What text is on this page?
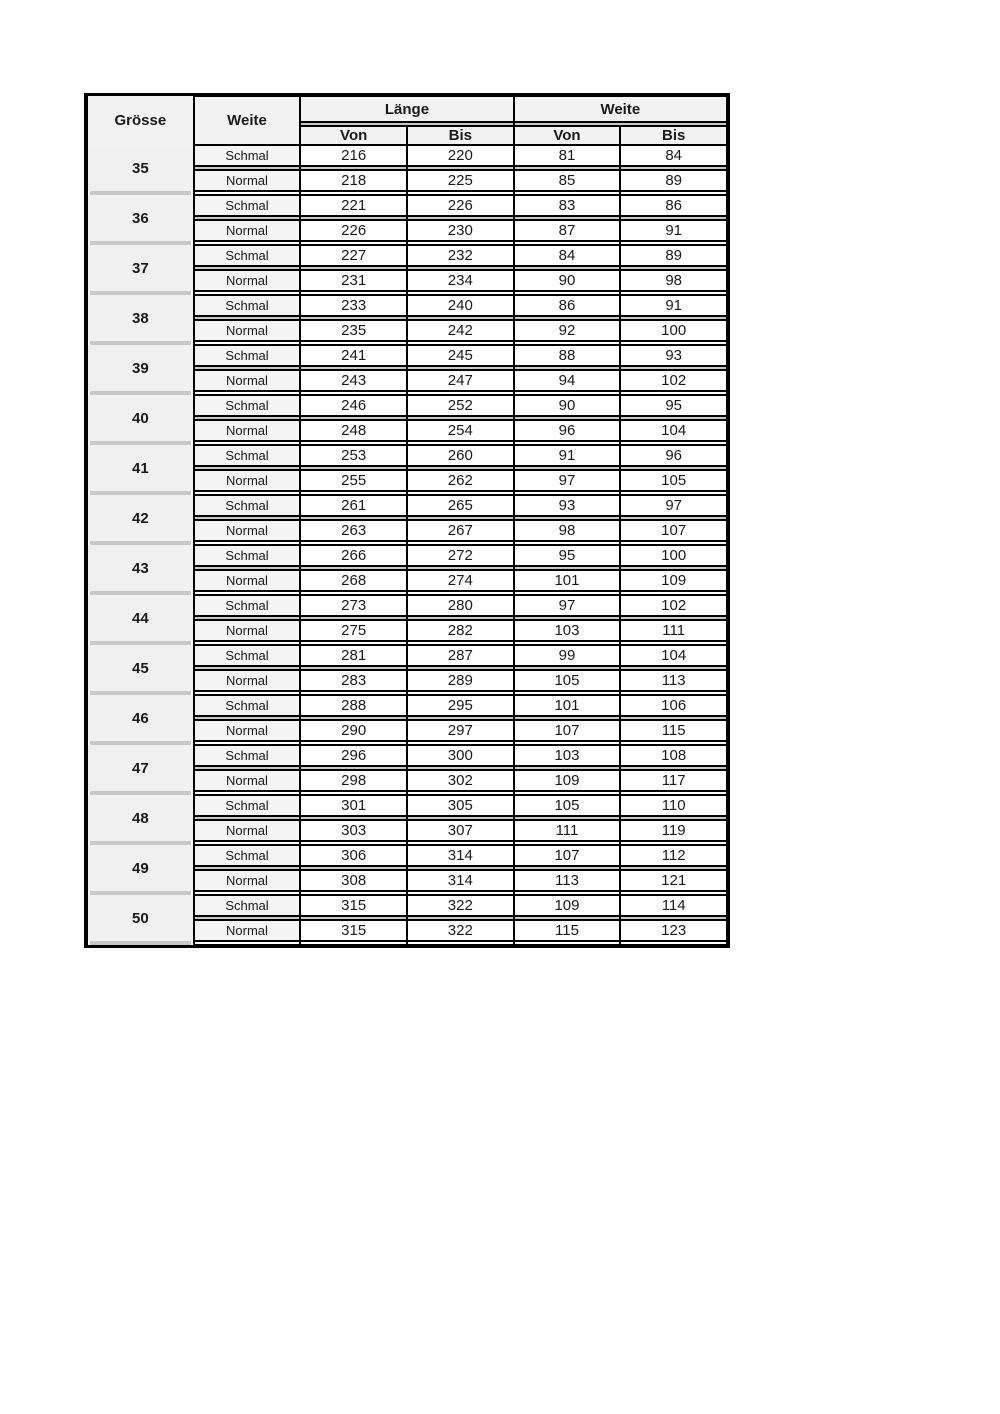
Grösse	Weite
Länge	Weite
Von	Bis	Von	Bis
35
Schmal	216	220	81	84
Normal	218	225	85	89
36
Schmal	221	226	83	86
Normal	226	230	87	91
37
Schmal	227	232	84	89
Normal	231	234	90	98
38
Schmal	233	240	86	91
Normal	235	242	92	100
39
Schmal	241	245	88	93
Normal	243	247	94	102
40
Schmal	246	252	90	95
Normal	248	254	96	104
41
Schmal	253	260	91	96
Normal	255	262	97	105
42
Schmal	261	265	93	97
Normal	263	267	98	107
43
Schmal	266	272	95	100
Normal	268	274	101	109
44
Schmal	273	280	97	102
Normal	275	282	103	111
45
Schmal	281	287	99	104
Normal	283	289	105	113
46
Schmal	288	295	101	106
Normal	290	297	107	115
47
Schmal	296	300	103	108
Normal	298	302	109	117
48
Schmal	301	305	105	110
Normal	303	307	111	119
49
Schmal	306	314	107	112
Normal	308	314	113	121
50
Schmal	315	322	109	114
Normal	315	322	115	123
